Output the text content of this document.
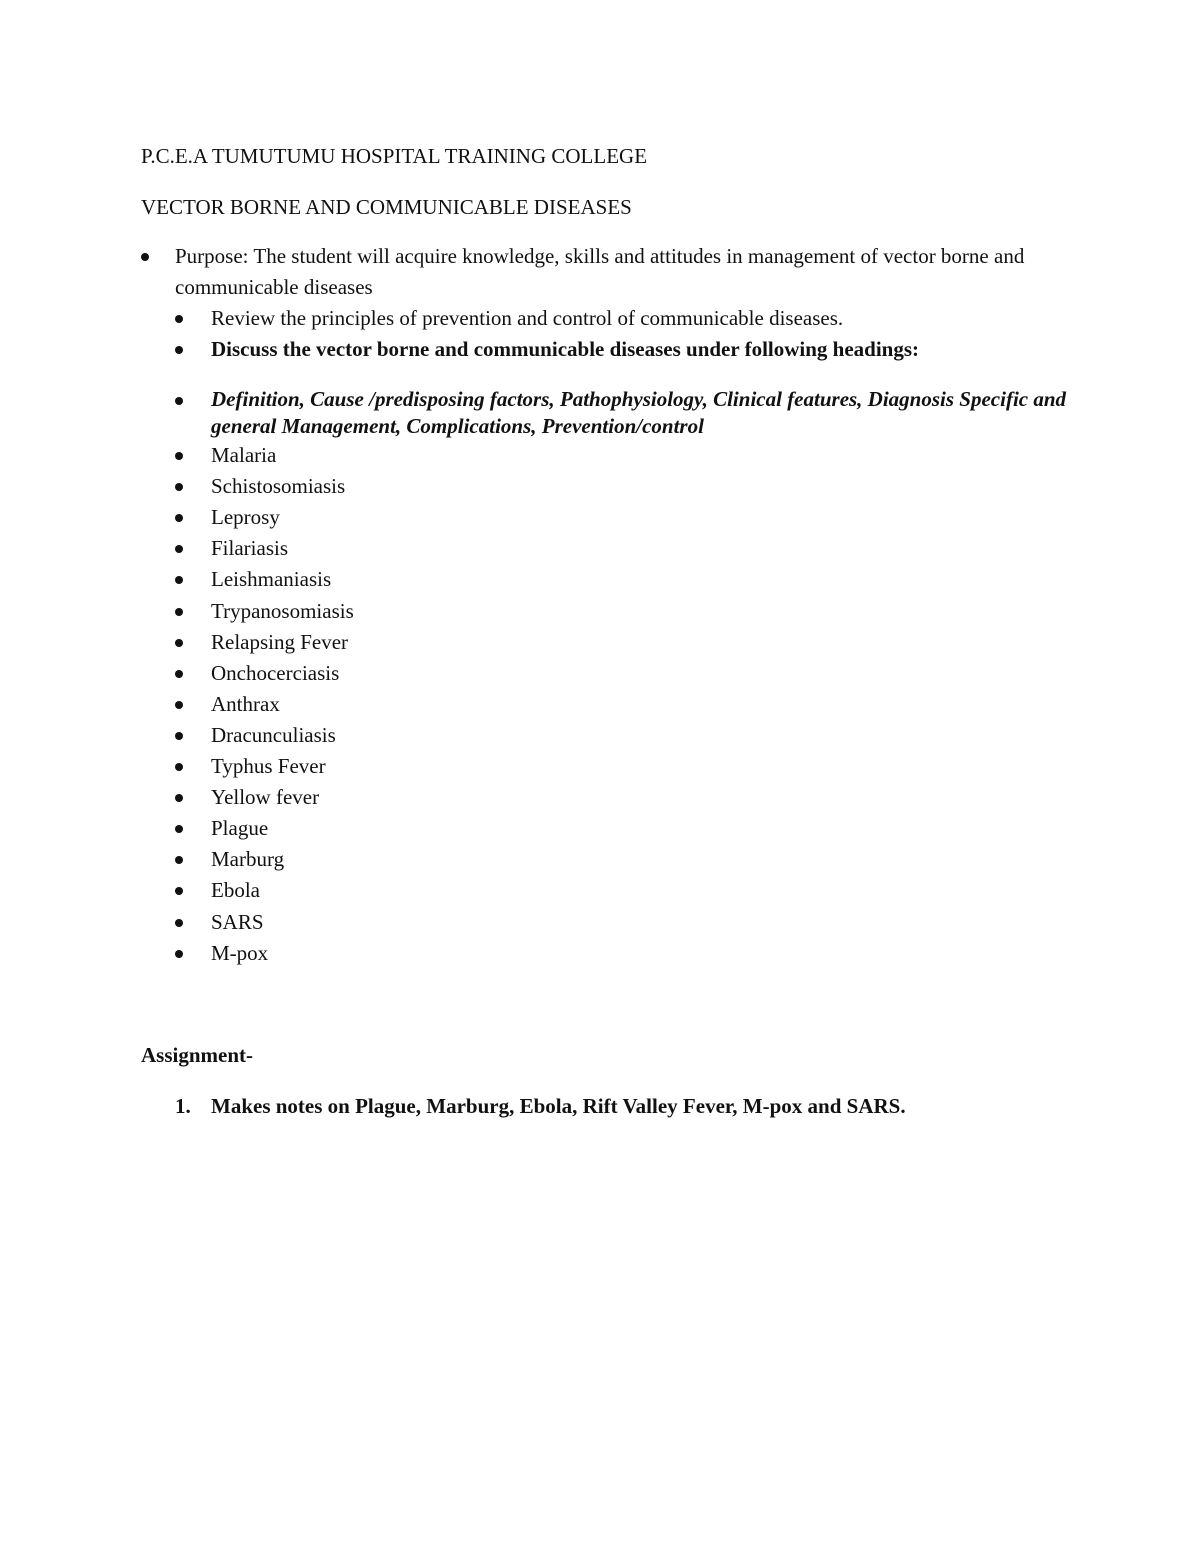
P.C.E.A TUMUTUMU HOSPITAL TRAINING COLLEGE

VECTOR BORNE AND COMMUNICABLE DISEASES

Purpose: The student will acquire knowledge, skills and attitudes in management of vector borne and communicable diseases

Review the principles of prevention and control of communicable diseases.

Discuss the vector borne and communicable diseases under following headings:

Definition, Cause /predisposing factors, Pathophysiology, Clinical features, Diagnosis Specific and general Management, Complications, Prevention/control

Malaria

Schistosomiasis

Leprosy

Filariasis

Leishmaniasis

Trypanosomiasis

Relapsing Fever

Onchocerciasis

Anthrax

Dracunculiasis

Typhus Fever

Yellow fever

Plague

Marburg

Ebola

SARS

M-pox

Assignment-

1. Makes notes on Plague, Marburg, Ebola, Rift Valley Fever, M-pox and SARS.
